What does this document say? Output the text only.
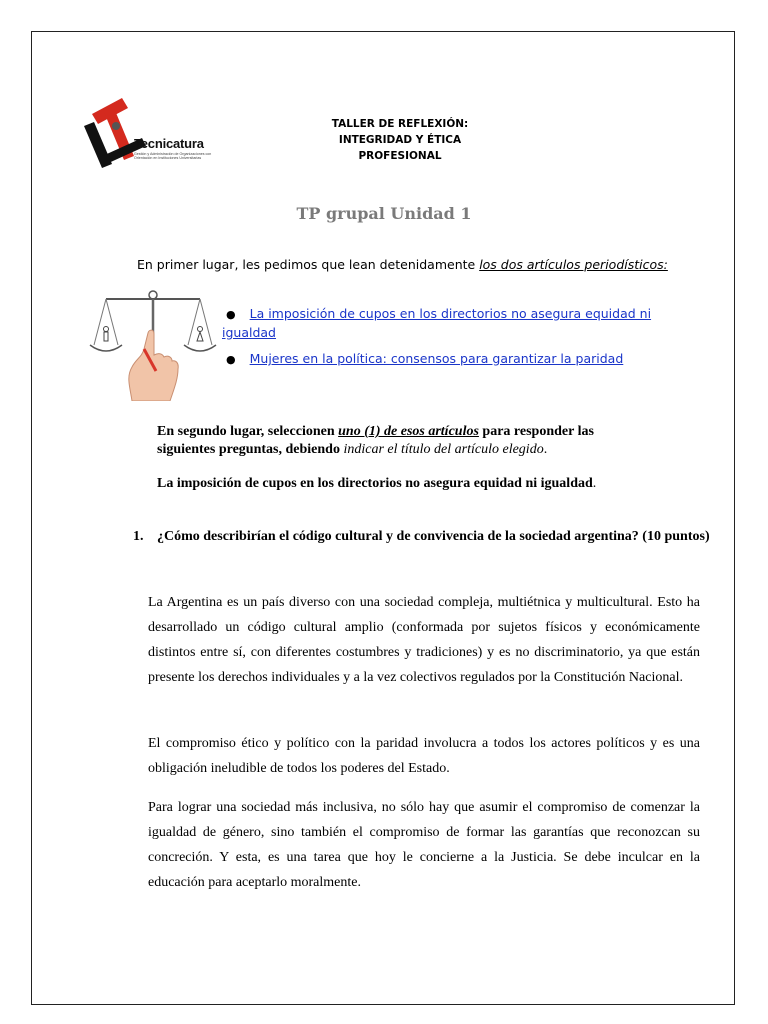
Tecnicatura
Gestión y Administración de Organizaciones con Orientación en Instituciones Universitarias
TALLER DE REFLEXIÓN:
INTEGRIDAD Y ÉTICA
PROFESIONAL
TP grupal Unidad 1
En primer lugar, les pedimos que lean detenidamente los dos artículos periodísticos:
● La imposición de cupos en los directorios no asegura equidad ni igualdad
● Mujeres en la política: consensos para garantizar la paridad
En segundo lugar, seleccionen uno (1) de esos artículos para responder las siguientes preguntas, debiendo indicar el título del artículo elegido.
La imposición de cupos en los directorios no asegura equidad ni igualdad.
1. ¿Cómo describirían el código cultural y de convivencia de la sociedad argentina? (10 puntos)
La Argentina es un país diverso con una sociedad compleja, multiétnica y multicultural. Esto ha desarrollado un código cultural amplio (conformada por sujetos físicos y económicamente distintos entre sí, con diferentes costumbres y tradiciones) y es no discriminatorio, ya que están presente los derechos individuales y a la vez colectivos regulados por la Constitución Nacional.
El compromiso ético y político con la paridad involucra a todos los actores políticos y es una obligación ineludible de todos los poderes del Estado.
Para lograr una sociedad más inclusiva, no sólo hay que asumir el compromiso de comenzar la igualdad de género, sino también el compromiso de formar las garantías que reconozcan su concreción. Y esta, es una tarea que hoy le concierne a la Justicia. Se debe inculcar en la educación para aceptarlo moralmente.
